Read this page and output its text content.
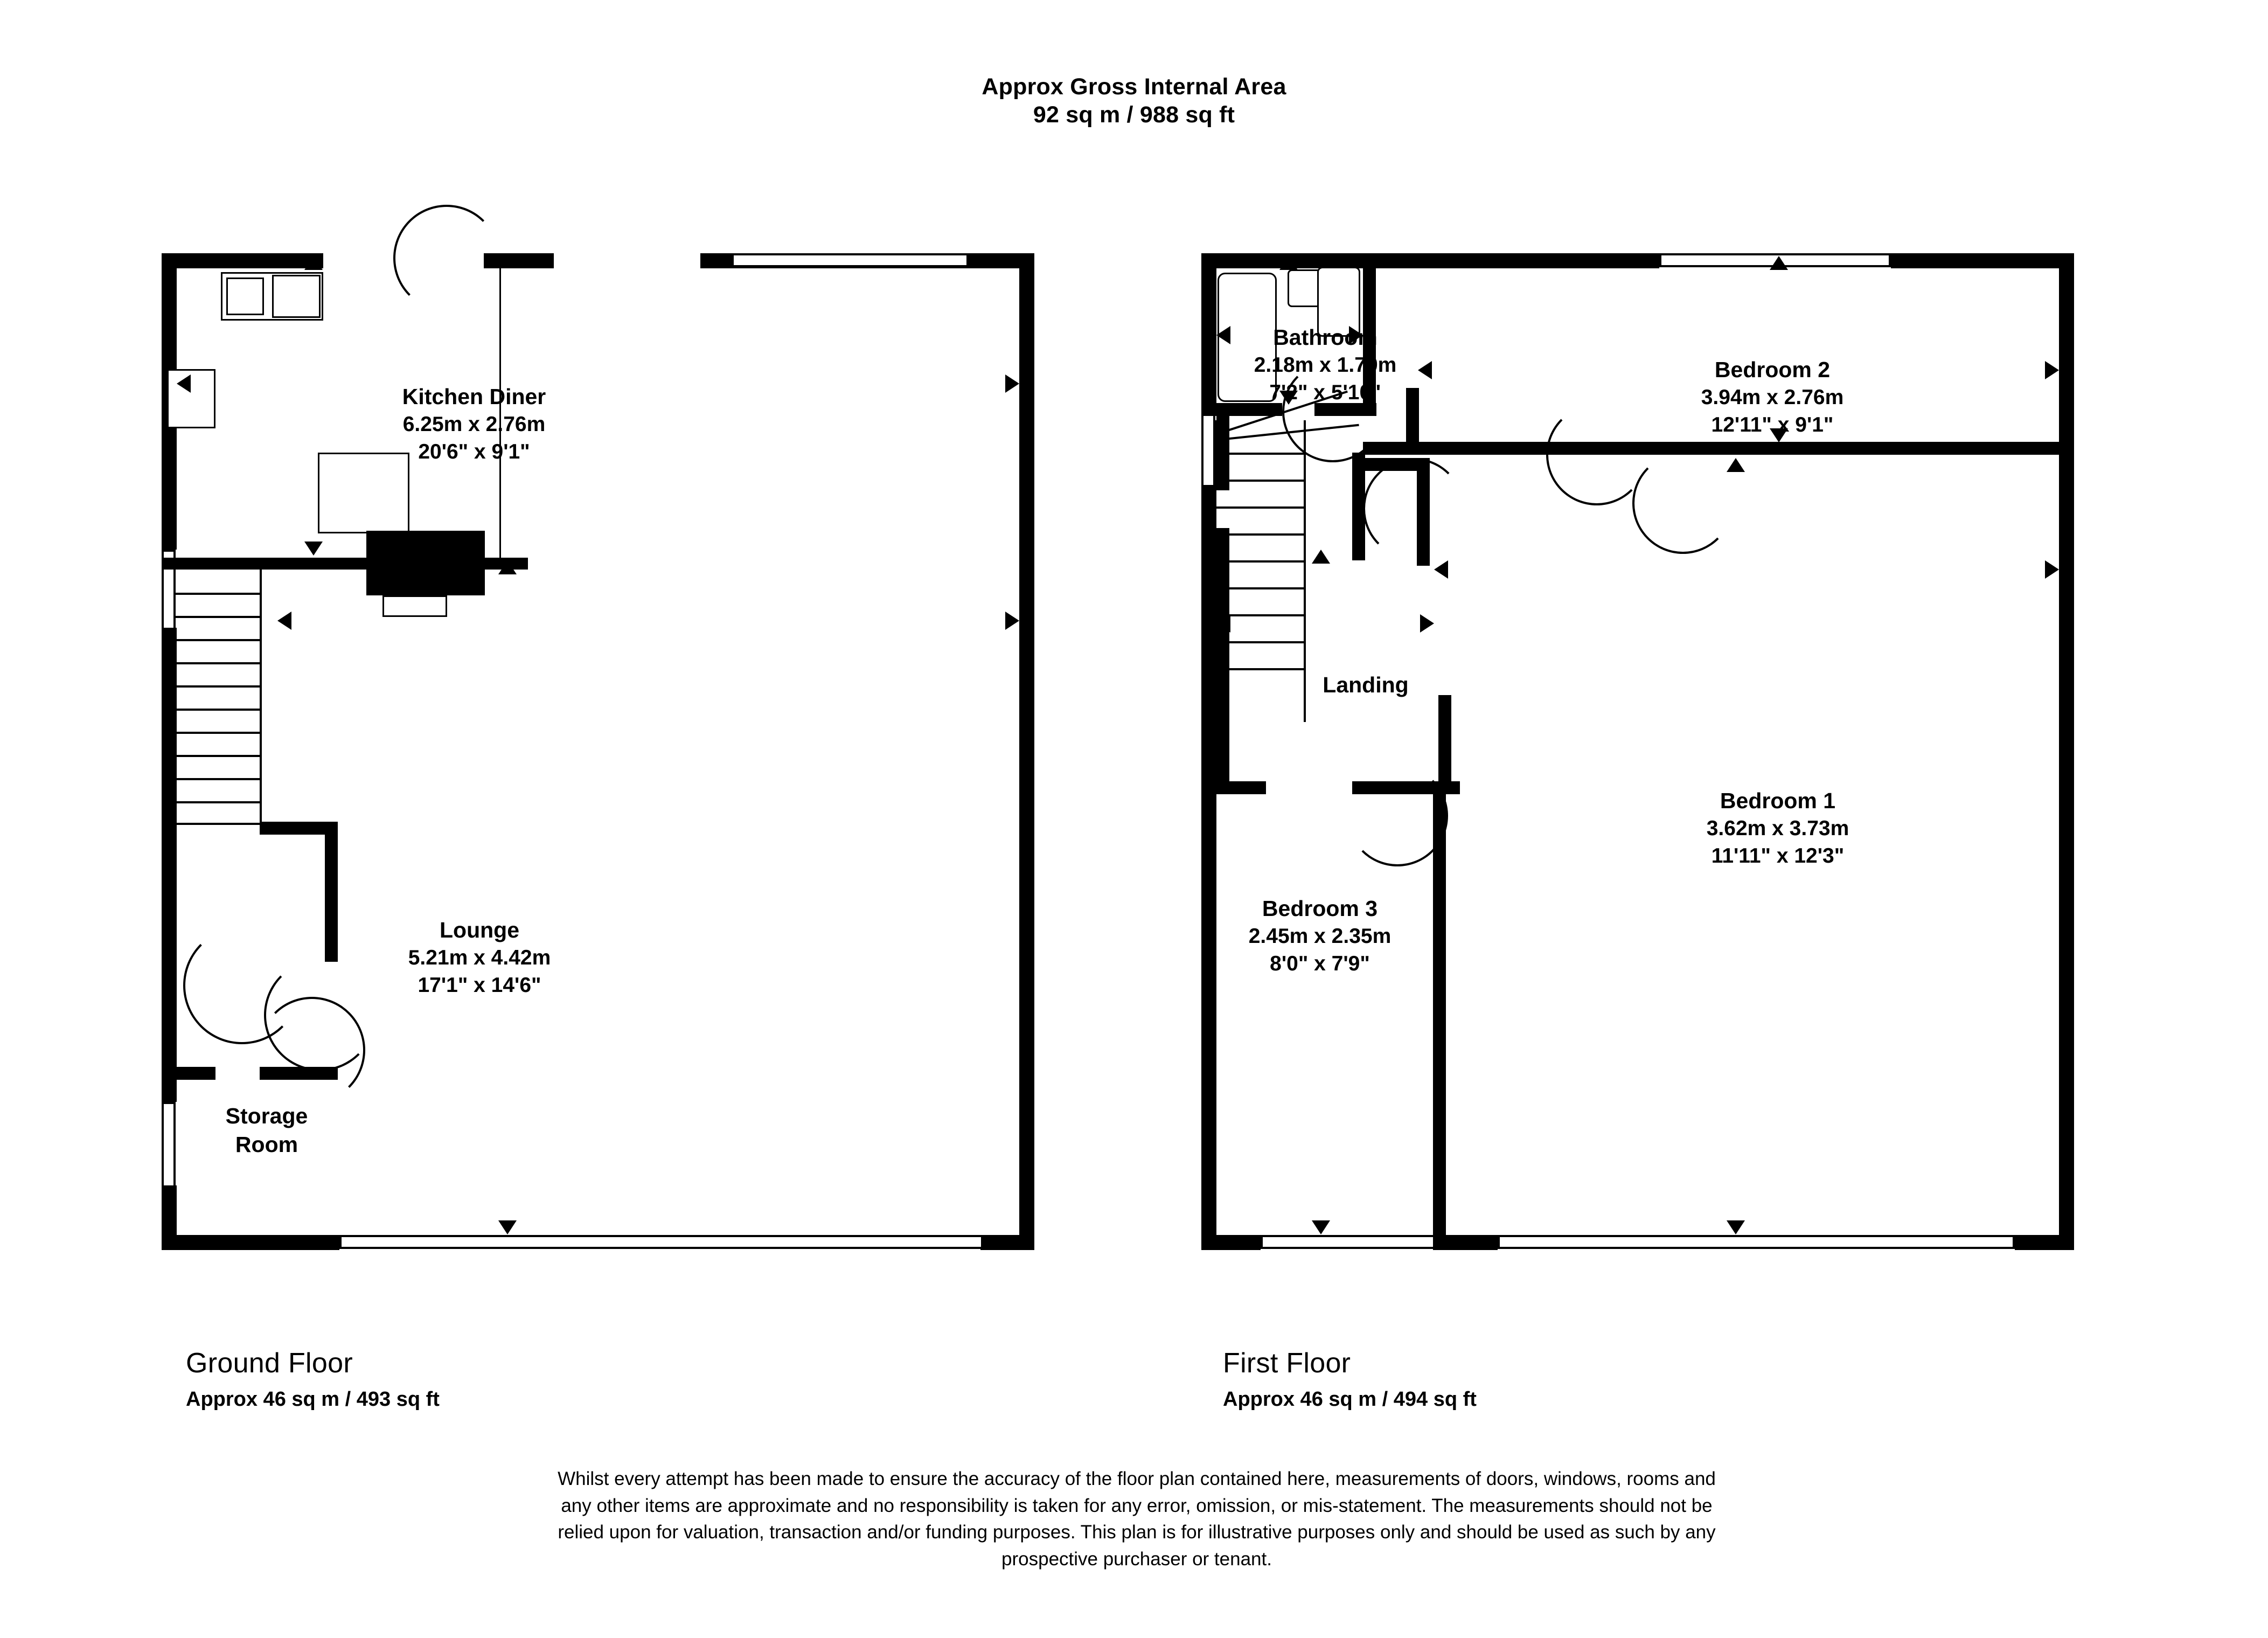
Approx Gross Internal Area
92 sq m / 988 sq ft
Kitchen Diner
6.25m x 2.76m
20'6" x 9'1"
Lounge
5.21m x 4.42m
17'1" x 14'6"
Storage
Room
Bathroom
2.18m x 1.79m
7'2" x 5'10"
Bedroom 2
3.94m x 2.76m
12'11" x 9'1"
Bedroom 1
3.62m x 3.73m
11'11" x 12'3"
Bedroom 3
2.45m x 2.35m
8'0" x 7'9"
Landing
Ground Floor
Approx 46 sq m / 493 sq ft
First Floor
Approx 46 sq m / 494 sq ft
Whilst every attempt has been made to ensure the accuracy of the floor plan contained here, measurements of doors, windows, rooms and
any other items are approximate and no responsibility is taken for any error, omission, or mis-statement. The measurements should not be
relied upon for valuation, transaction and/or funding purposes. This plan is for illustrative purposes only and should be used as such by any
prospective purchaser or tenant.
